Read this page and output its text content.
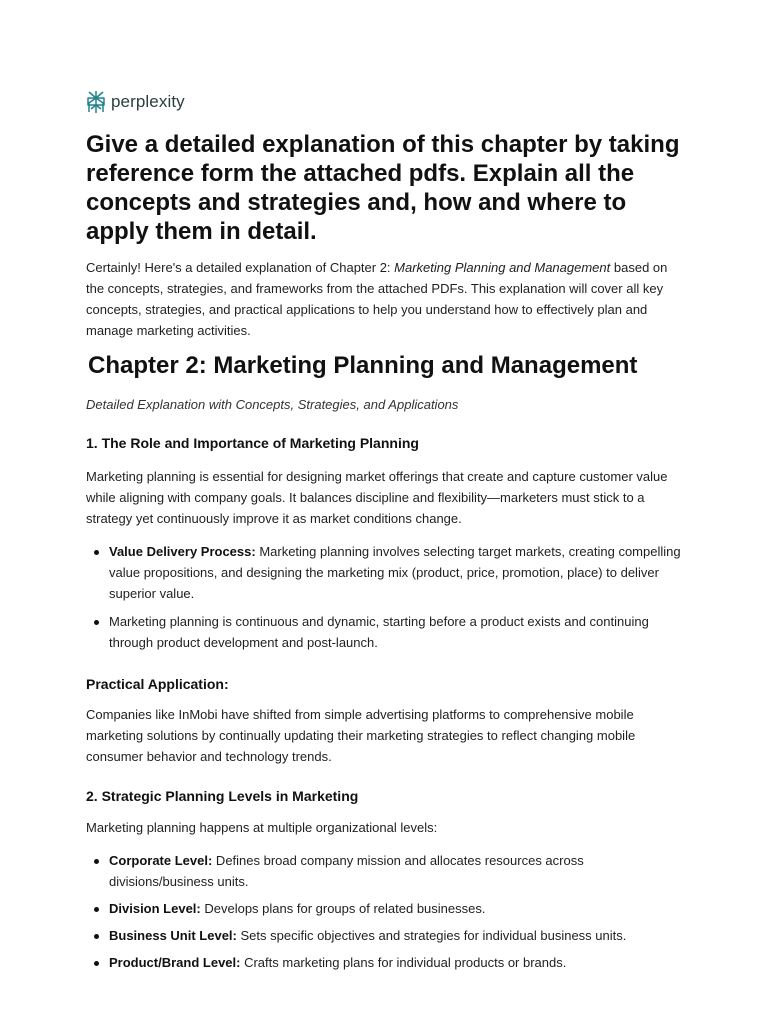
perplexity
Give a detailed explanation of this chapter by taking reference form the attached pdfs. Explain all the concepts and strategies and, how and where to apply them in detail.

Certainly! Here's a detailed explanation of Chapter 2: Marketing Planning and Management based on the concepts, strategies, and frameworks from the attached PDFs. This explanation will cover all key concepts, strategies, and practical applications to help you understand how to effectively plan and manage marketing activities.

Chapter 2: Marketing Planning and Management

Detailed Explanation with Concepts, Strategies, and Applications

1. The Role and Importance of Marketing Planning

Marketing planning is essential for designing market offerings that create and capture customer value while aligning with company goals. It balances discipline and flexibility—marketers must stick to a strategy yet continuously improve it as market conditions change.

Value Delivery Process: Marketing planning involves selecting target markets, creating compelling value propositions, and designing the marketing mix (product, price, promotion, place) to deliver superior value.
Marketing planning is continuous and dynamic, starting before a product exists and continuing through product development and post-launch.
Practical Application:

Companies like InMobi have shifted from simple advertising platforms to comprehensive mobile marketing solutions by continually updating their marketing strategies to reflect changing mobile consumer behavior and technology trends.

2. Strategic Planning Levels in Marketing

Marketing planning happens at multiple organizational levels:

Corporate Level: Defines broad company mission and allocates resources across divisions/business units.
Division Level: Develops plans for groups of related businesses.
Business Unit Level: Sets specific objectives and strategies for individual business units.
Product/Brand Level: Crafts marketing plans for individual products or brands.
